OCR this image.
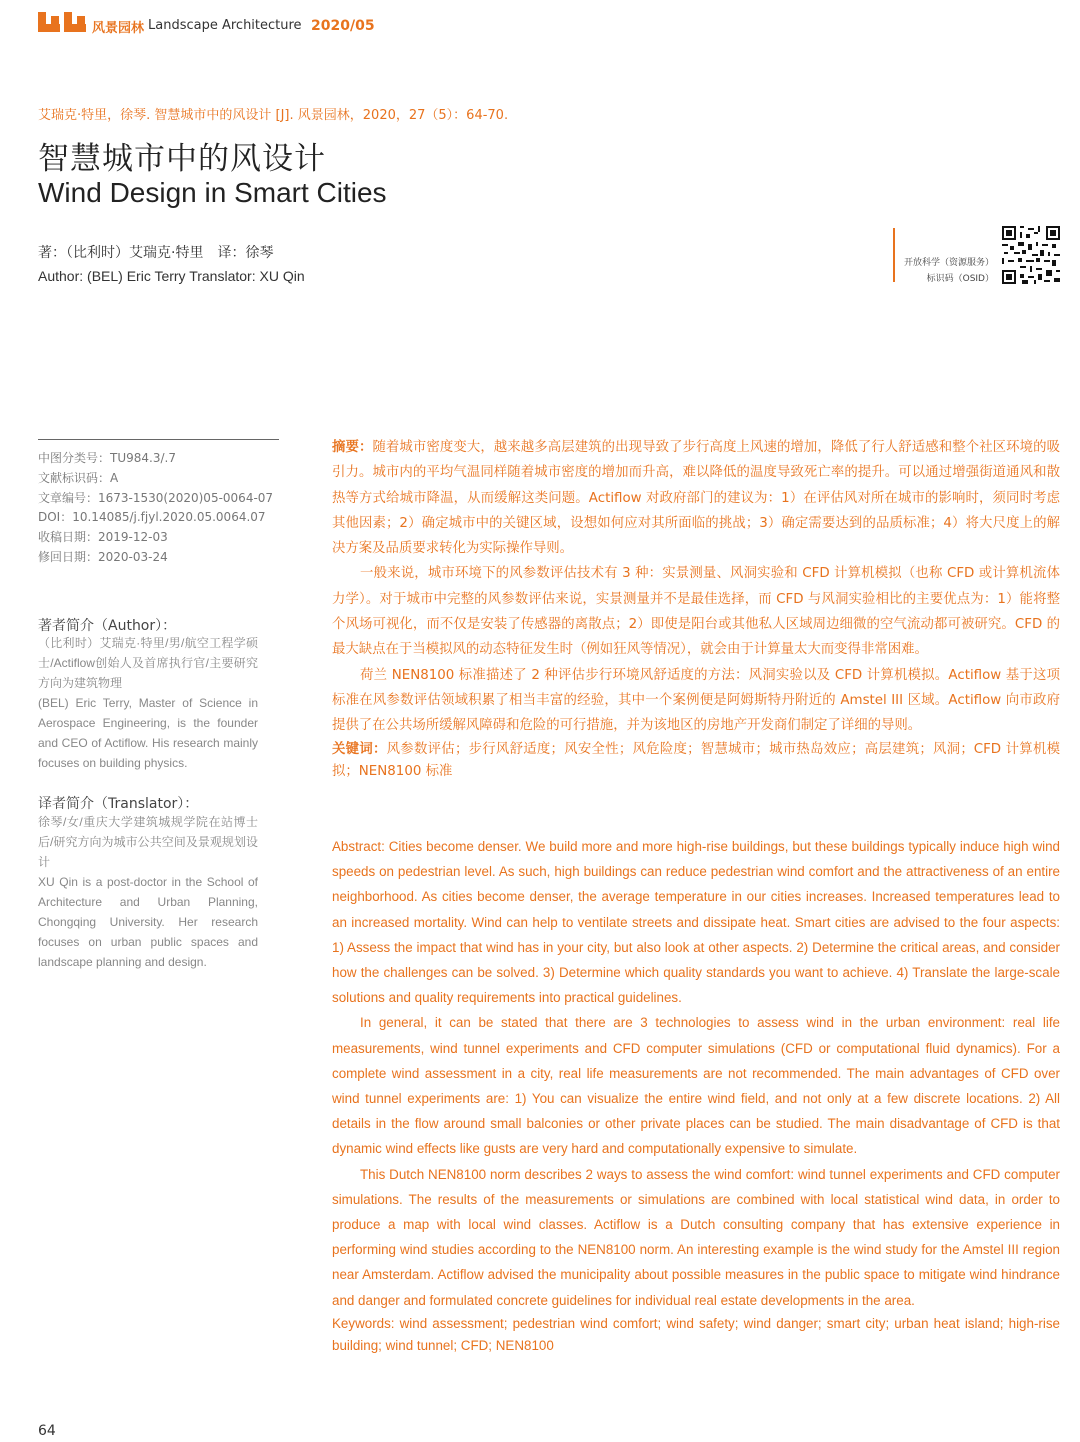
风景园林 Landscape Architecture 2020/05
艾瑞克·特里，徐琴. 智慧城市中的风设计 [J]. 风景园林，2020，27（5）：64-70.
智慧城市中的风设计
Wind Design in Smart Cities
著：（比利时）艾瑞克·特里　译：徐琴
Author: (BEL) Eric Terry Translator: XU Qin
开放科学（资源服务）
标识码（OSID）
中图分类号：TU984.3/.7
文献标识码：A
文章编号：1673-1530(2020)05-0064-07
DOI：10.14085/j.fjyl.2020.05.0064.07
收稿日期：2019-12-03
修回日期：2020-03-24
著者简介（Author）：
（比利时）艾瑞克·特里/男/航空工程学硕士/Actiflow创始人及首席执行官/主要研究方向为建筑物理
(BEL) Eric Terry, Master of Science in Aerospace Engineering, is the founder and CEO of Actiflow. His research mainly focuses on building physics.
译者简介（Translator）：
徐琴/女/重庆大学建筑城规学院在站博士后/研究方向为城市公共空间及景观规划设计
XU Qin is a post-doctor in the School of Architecture and Urban Planning, Chongqing University. Her research focuses on urban public spaces and landscape planning and design.

摘要：随着城市密度变大，越来越多高层建筑的出现导致了步行高度上风速的增加，降低了行人舒适感和整个社区环境的吸引力。城市内的平均气温同样随着城市密度的增加而升高，难以降低的温度导致死亡率的提升。可以通过增强街道通风和散热等方式给城市降温，从而缓解这类问题。Actiflow 对政府部门的建议为：1）在评估风对所在城市的影响时，须同时考虑其他因素；2）确定城市中的关键区域，设想如何应对其所面临的挑战；3）确定需要达到的品质标准；4）将大尺度上的解决方案及品质要求转化为实际操作导则。

一般来说，城市环境下的风参数评估技术有 3 种：实景测量、风洞实验和 CFD 计算机模拟（也称 CFD 或计算机流体力学）。对于城市中完整的风参数评估来说，实景测量并不是最佳选择，而 CFD 与风洞实验相比的主要优点为：1）能将整个风场可视化，而不仅是安装了传感器的离散点；2）即使是阳台或其他私人区域周边细微的空气流动都可被研究。CFD 的最大缺点在于当模拟风的动态特征发生时（例如狂风等情况），就会由于计算量太大而变得非常困难。

荷兰 NEN8100 标准描述了 2 种评估步行环境风舒适度的方法：风洞实验以及 CFD 计算机模拟。Actiflow 基于这项标准在风参数评估领域积累了相当丰富的经验，其中一个案例便是阿姆斯特丹附近的 Amstel III 区域。Actiflow 向市政府提供了在公共场所缓解风障碍和危险的可行措施，并为该地区的房地产开发商们制定了详细的导则。

关键词：风参数评估；步行风舒适度；风安全性；风危险度；智慧城市；城市热岛效应；高层建筑；风洞；CFD 计算机模拟；NEN8100 标准

Abstract: Cities become denser. We build more and more high-rise buildings, but these buildings typically induce high wind speeds on pedestrian level. As such, high buildings can reduce pedestrian wind comfort and the attractiveness of an entire neighborhood. As cities become denser, the average temperature in our cities increases. Increased temperatures lead to an increased mortality. Wind can help to ventilate streets and dissipate heat. Smart cities are advised to the four aspects: 1) Assess the impact that wind has in your city, but also look at other aspects. 2) Determine the critical areas, and consider how the challenges can be solved. 3) Determine which quality standards you want to achieve. 4) Translate the large-scale solutions and quality requirements into practical guidelines.

In general, it can be stated that there are 3 technologies to assess wind in the urban environment: real life measurements, wind tunnel experiments and CFD computer simulations (CFD or computational fluid dynamics). For a complete wind assessment in a city, real life measurements are not recommended. The main advantages of CFD over wind tunnel experiments are: 1) You can visualize the entire wind field, and not only at a few discrete locations. 2) All details in the flow around small balconies or other private places can be studied. The main disadvantage of CFD is that dynamic wind effects like gusts are very hard and computationally expensive to simulate.

This Dutch NEN8100 norm describes 2 ways to assess the wind comfort: wind tunnel experiments and CFD computer simulations. The results of the measurements or simulations are combined with local statistical wind data, in order to produce a map with local wind classes. Actiflow is a Dutch consulting company that has extensive experience in performing wind studies according to the NEN8100 norm. An interesting example is the wind study for the Amstel III region near Amsterdam. Actiflow advised the municipality about possible measures in the public space to mitigate wind hindrance and danger and formulated concrete guidelines for individual real estate developments in the area.

Keywords: wind assessment; pedestrian wind comfort; wind safety; wind danger; smart city; urban heat island; high-rise building; wind tunnel; CFD; NEN8100

64
